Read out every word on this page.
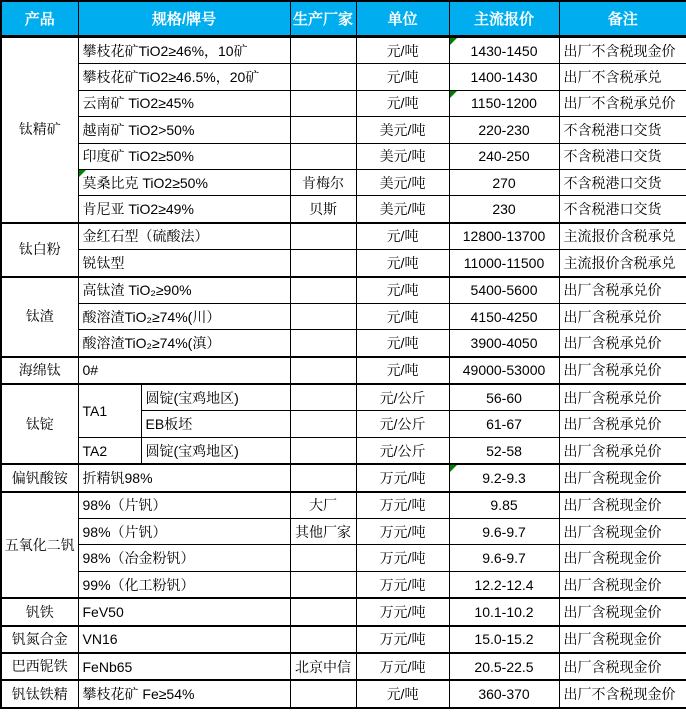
产品	规格/牌号		生产厂家	单位	主流报价	备注
钛精矿	攀枝花矿TiO2≥46%，10矿			元/吨	1430-1450	出厂不含税现金价
	攀枝花矿TiO2≥46.5%，20矿			元/吨	1400-1430	出厂不含税承兑
	云南矿 TiO2≥45%			元/吨	1150-1200	出厂不含税承兑价
	越南矿 TiO2>50%			美元/吨	220-230	不含税港口交货
	印度矿 TiO2≥50%			美元/吨	240-250	不含税港口交货
	莫桑比克 TiO2≥50%		肯梅尔	美元/吨	270	不含税港口交货
	肯尼亚 TiO2≥49%		贝斯	美元/吨	230	不含税港口交货
钛白粉	金红石型（硫酸法）			元/吨	12800-13700	主流报价含税承兑
	锐钛型			元/吨	11000-11500	主流报价含税承兑
钛渣	高钛渣 TiO₂≥90%			元/吨	5400-5600	出厂含税承兑价
	酸溶渣TiO₂≥74%(川）			元/吨	4150-4250	出厂含税承兑价
	酸溶渣TiO₂≥74%(滇）			元/吨	3900-4050	出厂含税承兑价
海绵钛	0#			元/吨	49000-53000	出厂含税承兑价
钛锭	TA1	圆锭(宝鸡地区)		元/公斤	56-60	出厂含税承兑价
		EB板坯		元/公斤	61-67	出厂含税承兑价
	TA2	圆锭(宝鸡地区)		元/公斤	52-58	出厂含税承兑价
偏钒酸铵	折精钒98%			万元/吨	9.2-9.3	出厂含税现金价
五氧化二钒	98%（片钒）		大厂	万元/吨	9.85	出厂含税现金价
	98%（片钒）		其他厂家	万元/吨	9.6-9.7	出厂含税现金价
	98%（冶金粉钒）			万元/吨	9.6-9.7	出厂含税现金价
	99%（化工粉钒）			万元/吨	12.2-12.4	出厂含税现金价
钒铁	FeV50			万元/吨	10.1-10.2	出厂含税现金价
钒氮合金	VN16			万元/吨	15.0-15.2	出厂含税现金价
巴西铌铁	FeNb65		北京中信	万元/吨	20.5-22.5	出厂含税现金价
钒钛铁精	攀枝花矿 Fe≥54%			元/吨	360-370	出厂不含税现金价
